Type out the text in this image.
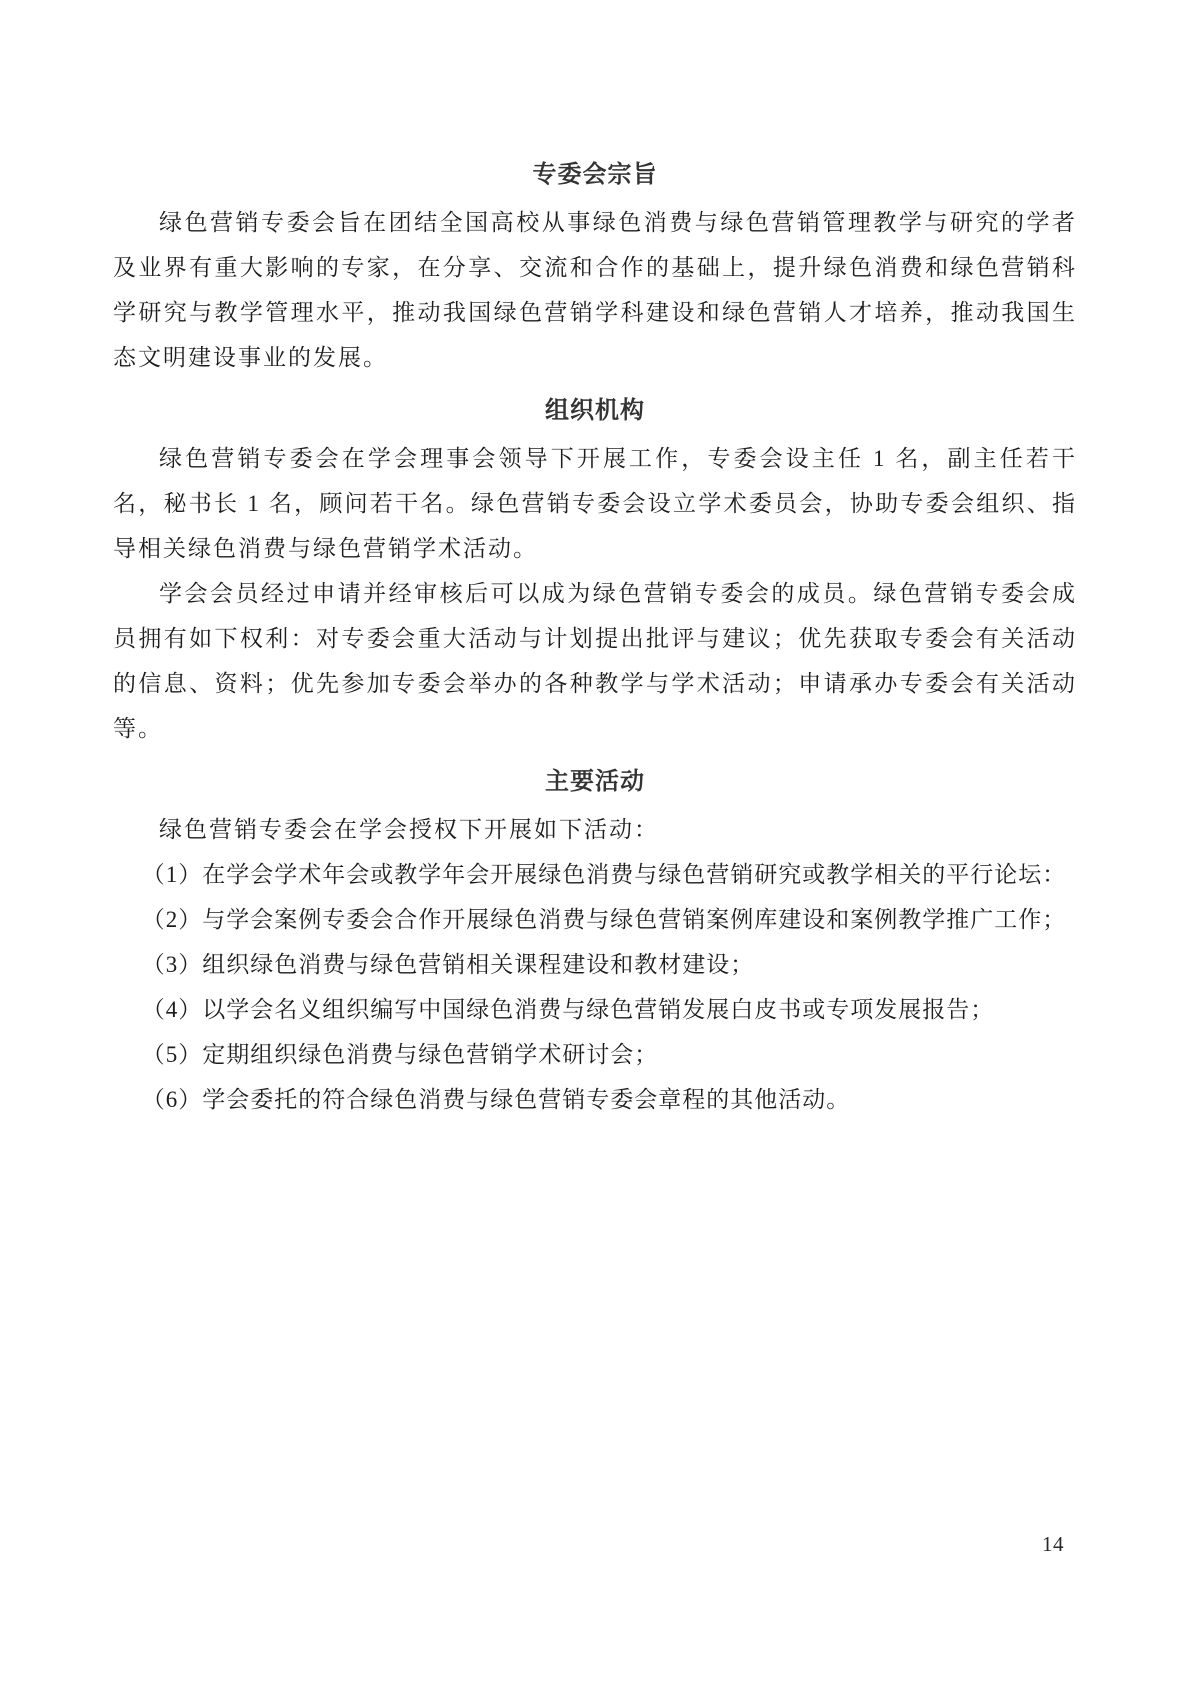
专委会宗旨

绿色营销专委会旨在团结全国高校从事绿色消费与绿色营销管理教学与研究的学者及业界有重大影响的专家，在分享、交流和合作的基础上，提升绿色消费和绿色营销科学研究与教学管理水平，推动我国绿色营销学科建设和绿色营销人才培养，推动我国生态文明建设事业的发展。

组织机构

绿色营销专委会在学会理事会领导下开展工作，专委会设主任 1 名，副主任若干名，秘书长 1 名，顾问若干名。绿色营销专委会设立学术委员会，协助专委会组织、指导相关绿色消费与绿色营销学术活动。

学会会员经过申请并经审核后可以成为绿色营销专委会的成员。绿色营销专委会成员拥有如下权利：对专委会重大活动与计划提出批评与建议；优先获取专委会有关活动的信息、资料；优先参加专委会举办的各种教学与学术活动；申请承办专委会有关活动等。

主要活动

绿色营销专委会在学会授权下开展如下活动：

（1）在学会学术年会或教学年会开展绿色消费与绿色营销研究或教学相关的平行论坛：

（2）与学会案例专委会合作开展绿色消费与绿色营销案例库建设和案例教学推广工作；

（3）组织绿色消费与绿色营销相关课程建设和教材建设；

（4）以学会名义组织编写中国绿色消费与绿色营销发展白皮书或专项发展报告；

（5）定期组织绿色消费与绿色营销学术研讨会；

（6）学会委托的符合绿色消费与绿色营销专委会章程的其他活动。

14
